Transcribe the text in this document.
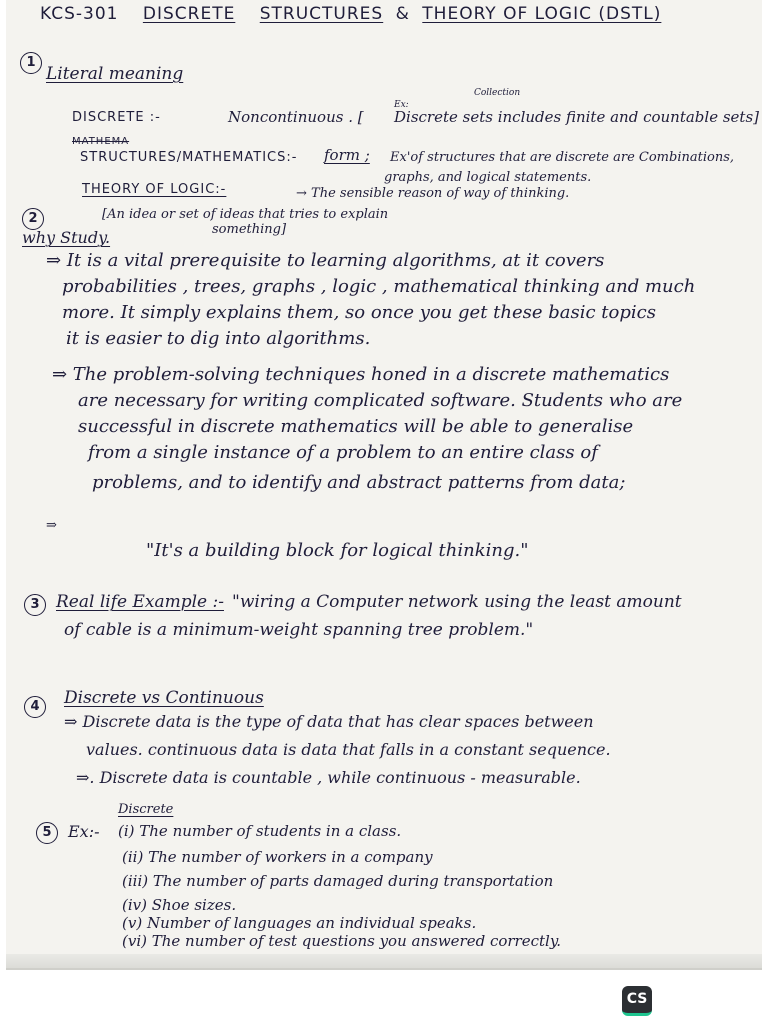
KCS-301 DISCRETE STRUCTURES & THEORY OF LOGIC (DSTL)
1
Literal meaning
DISCRETE :-	Noncontinuous . [
Ex:
Collection
Discrete sets includes finite and countable sets]
MATHEMA
STRUCTURES/MATHEMATICS:- form ; Ex'of structures that are discrete are Combinations,
graphs, and logical statements.
THEORY OF LOGIC:-	→ The sensible reason of way of thinking.
2	[An idea or set of ideas that tries to explain
something]
why Study.
⇒ It is a vital prerequisite to learning algorithms, at it covers
probabilities , trees, graphs , logic , mathematical thinking and much
more. It simply explains them, so once you get these basic topics
it is easier to dig into algorithms.
⇒ The problem-solving techniques honed in a discrete mathematics
are necessary for writing complicated software. Students who are
successful in discrete mathematics will be able to generalise
from a single instance of a problem to an entire class of
problems, and to identify and abstract patterns from data;
⇒
"It's a building block for logical thinking."
3 Real life Example :- "wiring a Computer network using the least amount
of cable is a minimum-weight spanning tree problem."
4	Discrete vs Continuous
⇒ Discrete data is the type of data that has clear spaces between
values. continuous data is data that falls in a constant sequence.
⇒. Discrete data is countable , while continuous - measurable.
5	Ex:-
Discrete
(i) The number of students in a class.
(ii) The number of workers in a company
(iii) The number of parts damaged during transportation
(iv) Shoe sizes.
(v) Number of languages an individual speaks.
(vi) The number of test questions you answered correctly.
CS
